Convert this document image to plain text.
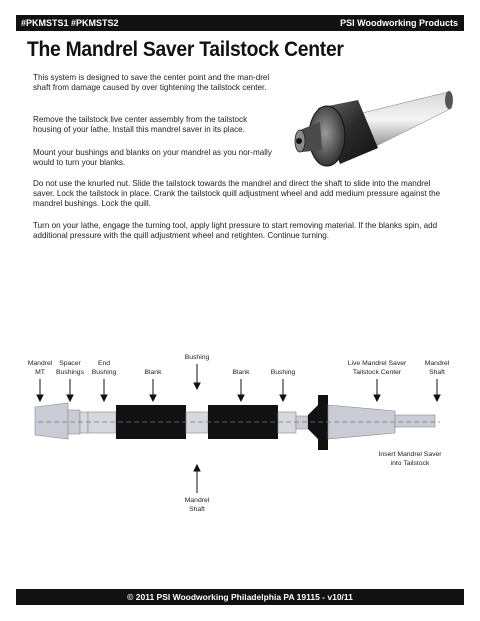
#PKMSTS1 #PKMSTS2	PSI Woodworking Products
The Mandrel Saver Tailstock Center

This system is designed to save the center point and the man-drel shaft from damage caused by over tightening the tailstock center.

Remove the tailstock live center assembly from the tailstock housing of your lathe. Install this mandrel saver in its place.

Mount your bushings and blanks on your mandrel as you nor-mally would to turn your blanks.

Do not use the knurled nut. Slide the tailstock towards the mandrel and direct the shaft to slide into the mandrel saver. Lock the tailstock in place. Crank the tailstock quill adjustment wheel and add medium pressure against the mandrel bushings. Lock the quill.

Turn on your lathe, engage the turning tool, apply light pressure to start removing material. If the blanks spin, add additional pressure with the quill adjustment wheel and retighten. Continue turning.

Mandrel
MT
Spacer
Bushings
End
Bushing	Blank
Bushing
Blank	Bushing
Live Mandrel Saver
Tailstock Center
Mandrel
Shaft
Insert Mandrel Saver
into Tailstock
Mandrel
Shaft
© 2011 PSI Woodworking Philadelphia PA 19115 - v10/11
